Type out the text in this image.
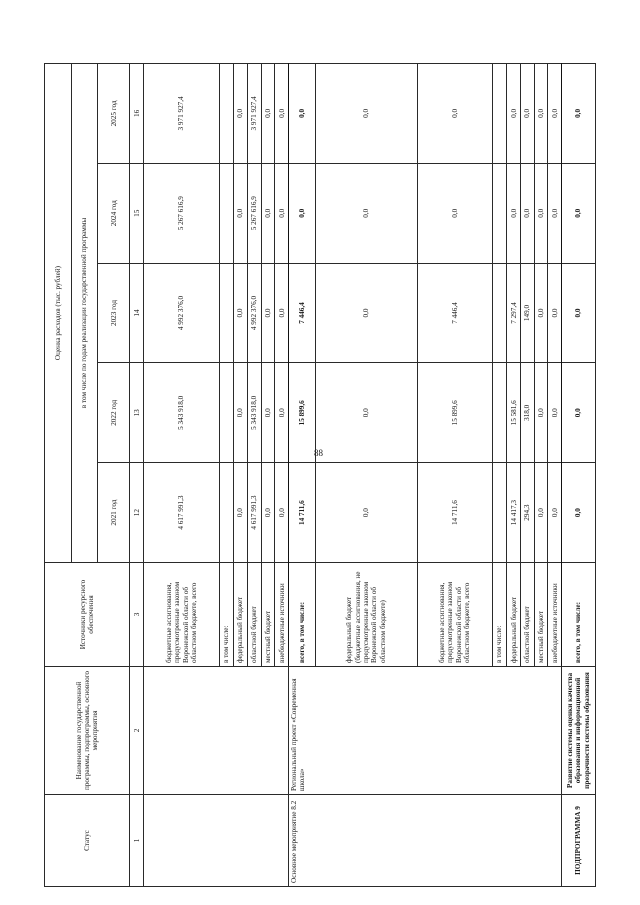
88
Статус	Наименование государственной программы, подпрограммы, основного мероприятия	Источники ресурсного обеспечения	Оценка расходов (тыс. рублей)				
			в том числе по годам реализации государственной программы				
			2021 год	2022 год	2023 год	2024 год	2025 год
1	2	3	12	13	14	15	16
		бюджетные ассигнования, предусмотренные законом Воронежской области об областном бюджете, всего	4 617 991,3	5 343 918,0	4 992 376,0	5 267 616,9	3 971 927,4
		в том числе:					
		федеральный бюджет	0,0	0,0	0,0	0,0	0,0
		областной бюджет	4 617 991,3	5 343 918,0	4 992 376,0	5 267 616,9	3 971 927,4
		местный бюджет	0,0	0,0	0,0	0,0	0,0
		внебюджетные источники	0,0	0,0	0,0	0,0	0,0
Основное мероприятие 8.2	Региональный проект «Современная школа»	всего, в том числе:	14 711,6	15 899,6	7 446,4	0,0	0,0
		федеральный бюджет (бюджетные ассигнования, не предусмотренные законом Воронежской области об областном бюджете)	0,0	0,0	0,0	0,0	0,0
		бюджетные ассигнования, предусмотренные законом Воронежской области об областном бюджете, всего	14 711,6	15 899,6	7 446,4	0,0	0,0
		в том числе:					
		федеральный бюджет	14 417,3	15 581,6	7 297,4	0,0	0,0
		областной бюджет	294,3	318,0	149,0	0,0	0,0
		местный бюджет	0,0	0,0	0,0	0,0	0,0
		внебюджетные источники	0,0	0,0	0,0	0,0	0,0
ПОДПРОГРАММА 9	Развитие системы оценки качества образования и информационной прозрачности системы образования	всего, в том числе:	0,0	0,0	0,0	0,0	0,0
